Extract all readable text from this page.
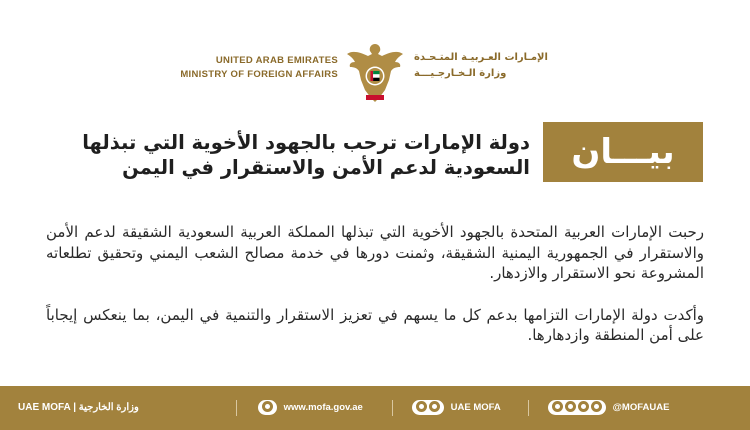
UNITED ARAB EMIRATES
MINISTRY OF FOREIGN AFFAIRS
الإمـارات العـربيـة المتـحـدة
وزارة الـخـارجـيـــة
بيـــان
دولة الإمارات ترحب بالجهود الأخوية التي تبذلها
السعودية لدعم الأمن والاستقرار في اليمن

رحبت الإمارات العربية المتحدة بالجهود الأخوية التي تبذلها المملكة العربية السعودية الشقيقة لدعم الأمن والاستقرار في الجمهورية اليمنية الشقيقة، وثمنت دورها في خدمة مصالح الشعب اليمني وتحقيق تطلعاته المشروعة نحو الاستقرار والازدهار.

وأكدت دولة الإمارات التزامها بدعم كل ما يسهم في تعزيز الاستقرار والتنمية في اليمن، بما ينعكس إيجاباً على أمن المنطقة وازدهارها.

UAE MOFA | وزارة الخارجية	www.mofa.gov.ae	UAE MOFA	@MOFAUAE
